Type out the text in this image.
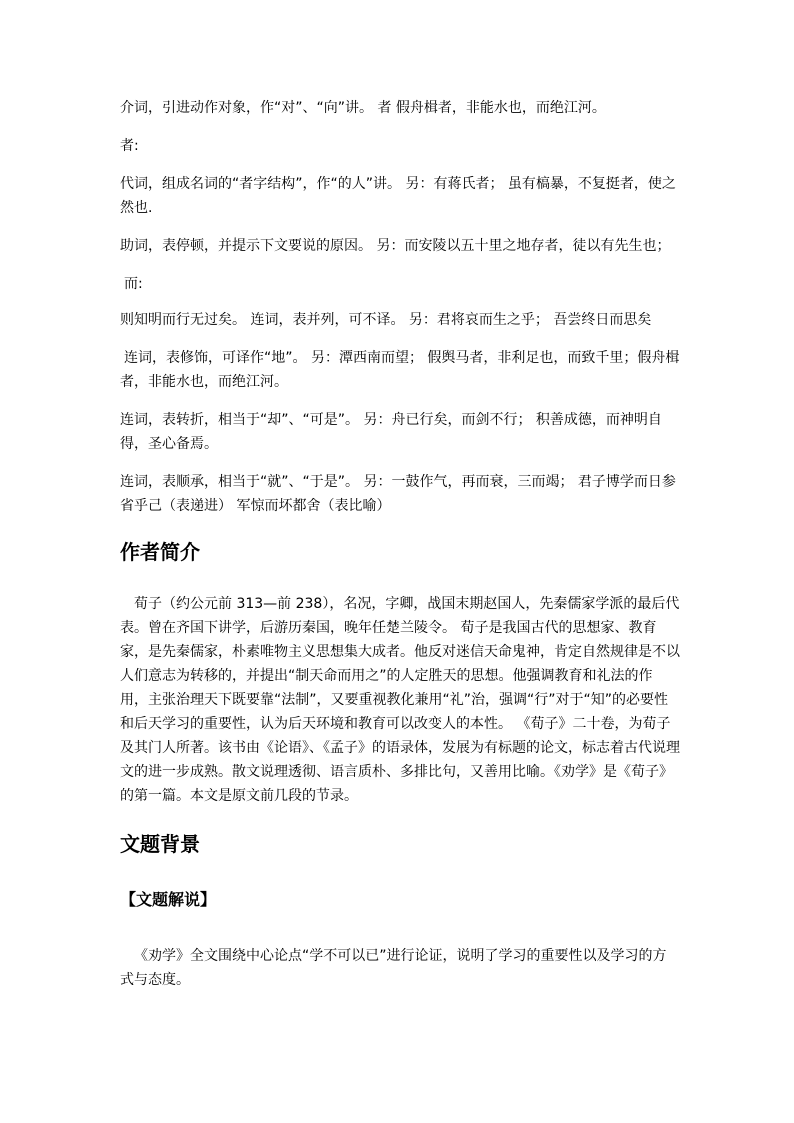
介词，引进动作对象，作“对”、“向”讲。 者 假舟楫者，非能水也，而绝江河。

者:

代词，组成名词的“者字结构”，作“的人”讲。 另：有蒋氏者； 虽有槁暴，不复挺者，使之然也.

助词，表停顿，并提示下文要说的原因。 另：而安陵以五十里之地存者，徒以有先生也；

而:

则知明而行无过矣。 连词，表并列，可不译。 另：君将哀而生之乎； 吾尝终日而思矣

连词，表修饰，可译作“地”。 另：潭西南而望； 假舆马者，非利足也，而致千里；假舟楫者，非能水也，而绝江河。

连词，表转折，相当于“却”、“可是”。 另：舟已行矣，而剑不行； 积善成德，而神明自得，圣心备焉。

连词，表顺承，相当于“就”、“于是”。 另：一鼓作气，再而衰，三而竭； 君子博学而日参省乎己（表递进） 军惊而坏都舍（表比喻）

作者简介

荀子（约公元前 313—前 238），名况，字卿，战国末期赵国人，先秦儒家学派的最后代表。曾在齐国下讲学，后游历秦国，晚年任楚兰陵令。 荀子是我国古代的思想家、教育家，是先秦儒家，朴素唯物主义思想集大成者。他反对迷信天命鬼神，肯定自然规律是不以人们意志为转移的，并提出“制天命而用之”的人定胜天的思想。他强调教育和礼法的作用，主张治理天下既要靠“法制”，又要重视教化兼用“礼”治，强调“行”对于“知”的必要性和后天学习的重要性，认为后天环境和教育可以改变人的本性。 《荀子》二十卷，为荀子及其门人所著。该书由《论语》、《孟子》的语录体，发展为有标题的论文，标志着古代说理文的进一步成熟。散文说理透彻、语言质朴、多排比句，又善用比喻。《劝学》是《荀子》的第一篇。本文是原文前几段的节录。

文题背景
【文题解说】

《劝学》全文围绕中心论点“学不可以已”进行论证，说明了学习的重要性以及学习的方式与态度。
